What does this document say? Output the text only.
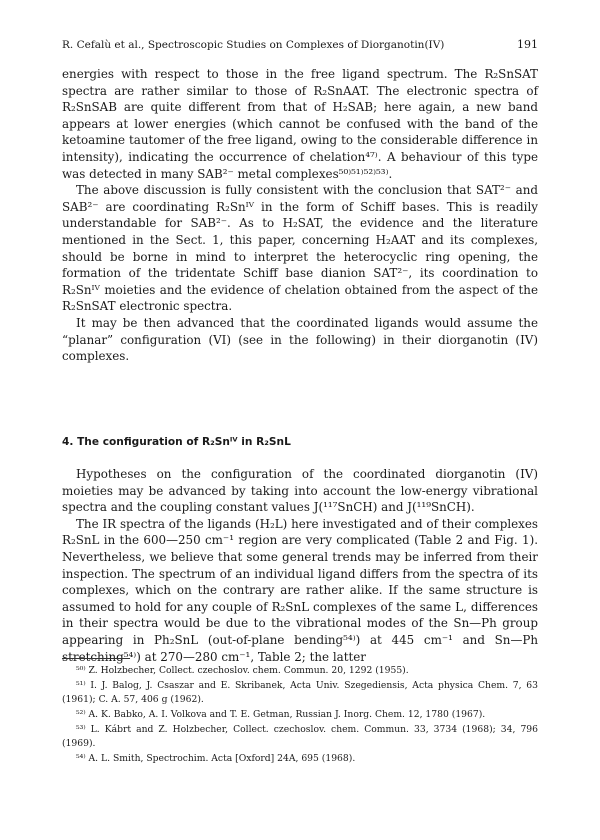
R. Cefalù et al., Spectroscopic Studies on Complexes of Diorganotin(IV)	191

energies with respect to those in the free ligand spectrum. The R₂SnSAT spectra are rather similar to those of R₂SnAAT. The electronic spectra of R₂SnSAB are quite different from that of H₂SAB; here again, a new band appears at lower energies (which cannot be confused with the band of the ketoamine tautomer of the free ligand, owing to the considerable difference in intensity), indicating the occurrence of chelation⁴⁷⁾. A behaviour of this type was detected in many SAB²⁻ metal complexes⁵⁰⁾⁵¹⁾⁵²⁾⁵³⁾.

The above discussion is fully consistent with the conclusion that SAT²⁻ and SAB²⁻ are coordinating R₂Snᴵⱽ in the form of Schiff bases. This is readily understandable for SAB²⁻. As to H₂SAT, the evidence and the literature mentioned in the Sect. 1, this paper, concerning H₂AAT and its complexes, should be borne in mind to interpret the heterocyclic ring opening, the formation of the tridentate Schiff base dianion SAT²⁻, its coordination to R₂Snᴵⱽ moieties and the evidence of chelation obtained from the aspect of the R₂SnSAT electronic spectra.

It may be then advanced that the coordinated ligands would assume the “planar” configuration (VI) (see in the following) in their diorganotin (IV) complexes.

4. The configuration of R₂Snᴵⱽ in R₂SnL

Hypotheses on the configuration of the coordinated diorganotin (IV) moieties may be advanced by taking into account the low-energy vibrational spectra and the coupling constant values J(¹¹⁷SnCH) and J(¹¹⁹SnCH).

The IR spectra of the ligands (H₂L) here investigated and of their complexes R₂SnL in the 600—250 cm⁻¹ region are very complicated (Table 2 and Fig. 1). Nevertheless, we believe that some general trends may be inferred from their inspection. The spectrum of an individual ligand differs from the spectra of its complexes, which on the contrary are rather alike. If the same structure is assumed to hold for any couple of R₂SnL complexes of the same L, differences in their spectra would be due to the vibrational modes of the Sn—Ph group appearing in Ph₂SnL (out-of-plane bending⁵⁴⁾) at 445 cm⁻¹ and Sn—Ph stretching⁵⁴⁾) at 270—280 cm⁻¹, Table 2; the latter

⁵⁰⁾ Z. Holzbecher, Collect. czechoslov. chem. Commun. 20, 1292 (1955).

⁵¹⁾ I. J. Balog, J. Csaszar and E. Skribanek, Acta Univ. Szegediensis, Acta physica Chem. 7, 63 (1961); C. A. 57, 406 g (1962).

⁵²⁾ A. K. Babko, A. I. Volkova and T. E. Getman, Russian J. Inorg. Chem. 12, 1780 (1967).

⁵³⁾ L. Kábrt and Z. Holzbecher, Collect. czechoslov. chem. Commun. 33, 3734 (1968); 34, 796 (1969).

⁵⁴⁾ A. L. Smith, Spectrochim. Acta [Oxford] 24A, 695 (1968).
